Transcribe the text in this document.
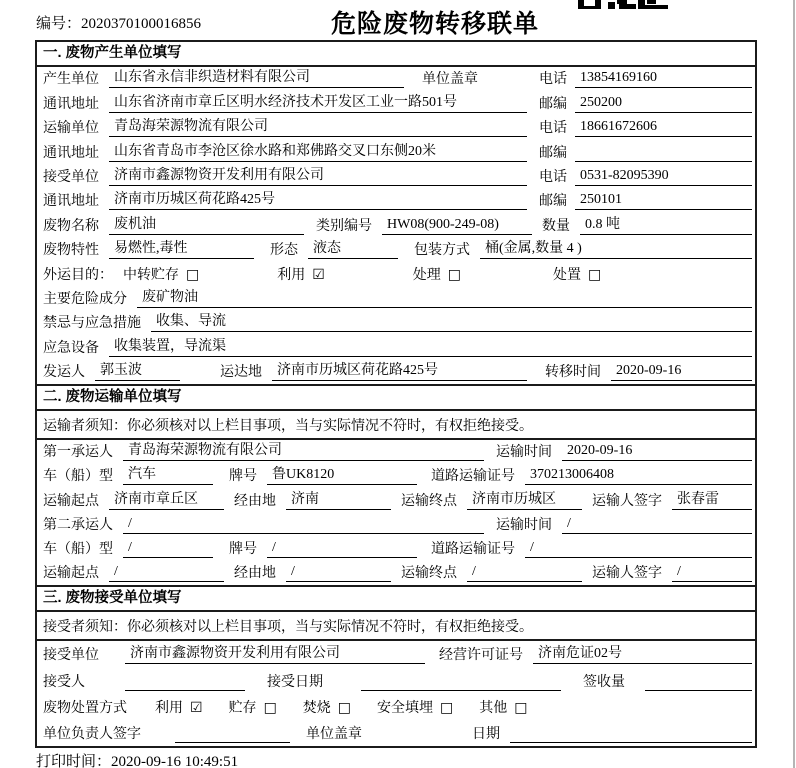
编号：2020370100016856	危险废物转移联单
一. 废物产生单位填写
产生单位	山东省永信非织造材料有限公司	单位盖章	电话 13854169160
通讯地址	山东省济南市章丘区明水经济技术开发区工业一路501号	邮编 250200
运输单位	青岛海荣源物流有限公司	电话 18661672606
通讯地址	山东省青岛市李沧区徐水路和郑佛路交叉口东侧20米	邮编
接受单位	济南市鑫源物资开发利用有限公司	电话 0531-82095390
通讯地址	济南市历城区荷花路425号	邮编 250101
废物名称	废机油	类别编号	HW08(900-249-08)	数量	0.8 吨
废物特性	易燃性,毒性	形态	液态	包装方式	桶(金属,数量 4 )
外运目的： 中转贮存 □	利用 ☑	处理 □	处置 □
主要危险成分	废矿物油
禁忌与应急措施	收集、导流
应急设备	收集装置，导流渠
发运人	郭玉波	运达地	济南市历城区荷花路425号	转移时间	2020-09-16
二. 废物运输单位填写
运输者须知：你必须核对以上栏目事项，当与实际情况不符时，有权拒绝接受。
第一承运人	青岛海荣源物流有限公司	运输时间	2020-09-16
车（船）型	汽车	牌号	鲁UK8120	道路运输证号	370213006408
运输起点	济南市章丘区	经由地	济南	运输终点	济南市历城区	运输人签字	张春雷
第二承运人	/	运输时间	/
车（船）型	/	牌号	/	道路运输证号	/
运输起点	/	经由地	/	运输终点	/	运输人签字	/
三. 废物接受单位填写
接受者须知：你必须核对以上栏目事项，当与实际情况不符时，有权拒绝接受。
接受单位	济南市鑫源物资开发利用有限公司	经营许可证号	济南危证02号
接受人	接受日期	签收量
废物处置方式 利用 ☑ 贮存 □ 焚烧 □ 安全填埋 □ 其他 □
单位负责人签字	单位盖章	日期
打印时间：2020-09-16 10:49:51
